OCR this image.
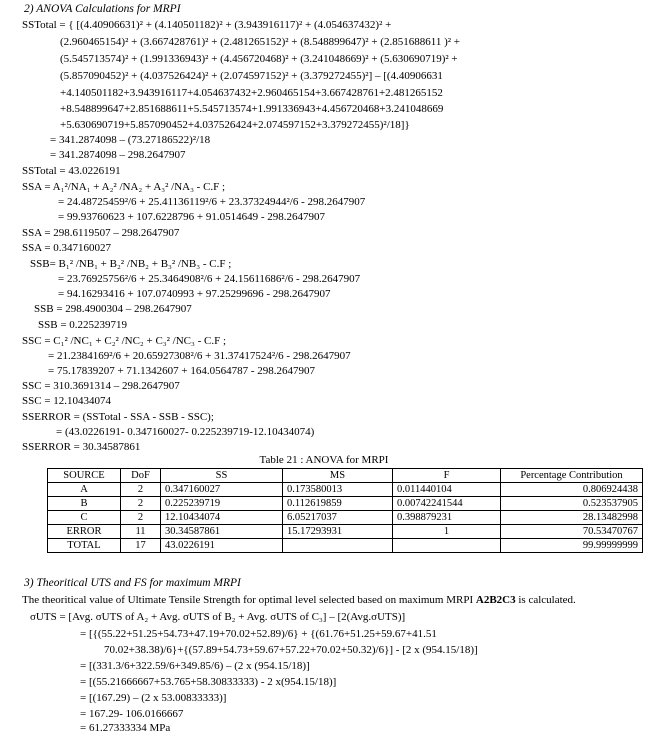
2) ANOVA Calculations for MRPI
SSTotal = { [(4.40906631)² + (4.140501182)² + (3.943916117)² + (4.054637432)² +
(2.960465154)² + (3.667428761)² + (2.481265152)² + (8.548899647)² + (2.851688611 )² +
(5.545713574)² + (1.991336943)² + (4.456720468)² + (3.241048669)² + (5.630690719)² +
(5.857090452)² + (4.037526424)² + (2.074597152)² + (3.379272455)²] – [(4.40906631
+4.140501182+3.943916117+4.054637432+2.960465154+3.667428761+2.481265152
+8.548899647+2.851688611+5.545713574+1.991336943+4.456720468+3.241048669
+5.630690719+5.857090452+4.037526424+2.074597152+3.379272455)²/18]}
= 341.2874098 – (73.27186522)²/18
= 341.2874098 – 298.2647907
SSTotal = 43.0226191
SSA = A₁²/NA₁ + A₂² /NA₂ + A₃² /NA₃ - C.F ;
= 24.48725459²/6 + 25.41136119²/6 + 23.37324944²/6 - 298.2647907
= 99.93760623 + 107.6228796 + 91.0514649 - 298.2647907
SSA = 298.6119507 – 298.2647907
SSA = 0.347160027
SSB= B₁² /NB₁ + B₂² /NB₂ + B₃² /NB₃ - C.F ;
= 23.76925756²/6 + 25.3464908²/6 + 24.15611686²/6 - 298.2647907
= 94.16293416 + 107.0740993 + 97.25299696 - 298.2647907
SSB = 298.4900304 – 298.2647907
SSB = 0.225239719
SSC = C₁² /NC₁ + C₂² /NC₂ + C₃² /NC₃ - C.F ;
= 21.2384169²/6 + 20.65927308²/6 + 31.37417524²/6 - 298.2647907
= 75.17839207 + 71.1342607 + 164.0564787 - 298.2647907
SSC = 310.3691314 – 298.2647907
SSC = 12.10434074
SSERROR = (SSTotal - SSA - SSB - SSC);
= (43.0226191- 0.347160027- 0.225239719-12.10434074)
SSERROR = 30.34587861
Table 21 : ANOVA for MRPI
SOURCE	DoF	SS	MS	F	Percentage Contribution
A	2	0.347160027	0.173580013	0.011440104	0.806924438
B	2	0.225239719	0.112619859	0.00742241544	0.523537905
C	2	12.10434074	6.05217037	0.398879231	28.13482998
ERROR	11	30.34587861	15.17293931	1	70.53470767
TOTAL	17	43.0226191			99.99999999
3) Theoritical UTS and FS for maximum MRPI
The theoritical value of Ultimate Tensile Strength for optimal level selected based on maximum MRPI A2B2C3 is calculated.
σUTS = [Avg. σUTS of A₂ + Avg. σUTS of B₂ + Avg. σUTS of C₃] – [2(Avg.σUTS)]
= [{(55.22+51.25+54.73+47.19+70.02+52.89)/6} + {(61.76+51.25+59.67+41.51
70.02+38.38)/6}+{(57.89+54.73+59.67+57.22+70.02+50.32)/6}] - [2 x (954.15/18)]
= [(331.3/6+322.59/6+349.85/6) – (2 x (954.15/18)]
= [(55.21666667+53.765+58.30833333) - 2 x(954.15/18)]
= [(167.29) – (2 x 53.00833333)]
= 167.29- 106.0166667
= 61.27333334 MPa
